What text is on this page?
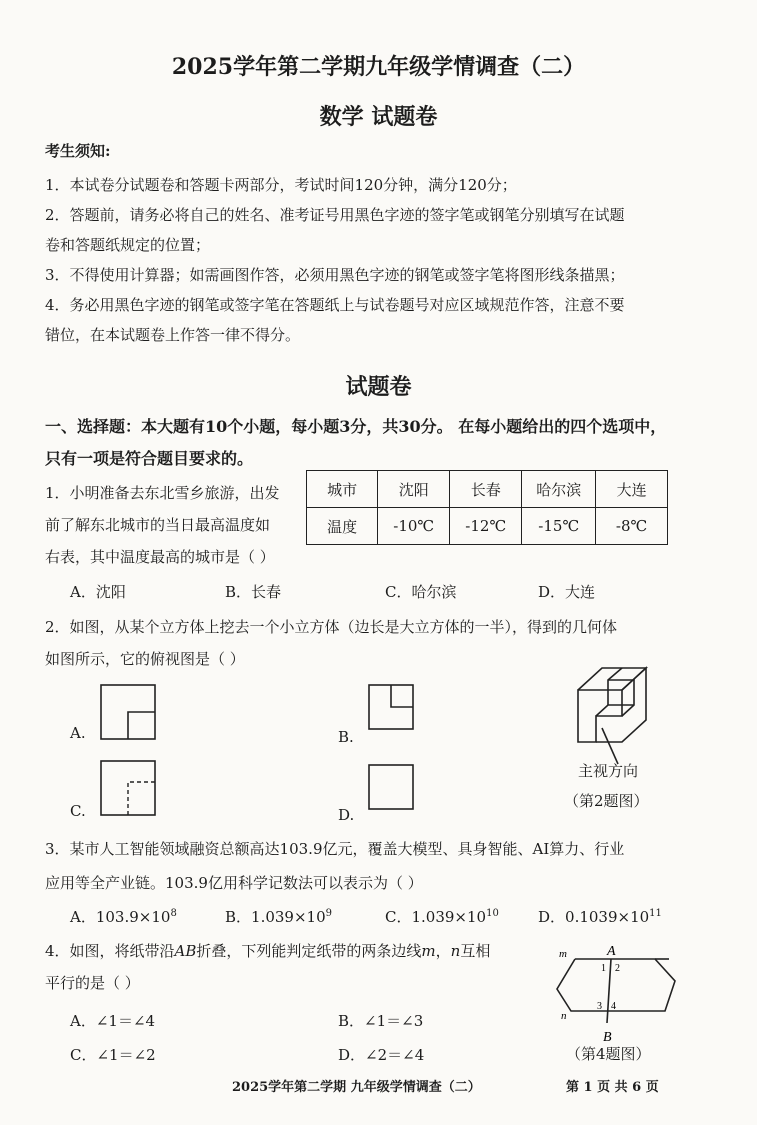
2025学年第二学期九年级学情调查（二）
数学 试题卷
考生须知:
1．本试卷分试题卷和答题卡两部分，考试时间120分钟，满分120分；
2．答题前，请务必将自己的姓名、准考证号用黑色字迹的签字笔或钢笔分别填写在试题
卷和答题纸规定的位置；
3．不得使用计算器；如需画图作答，必须用黑色字迹的钢笔或签字笔将图形线条描黑；
4．务必用黑色字迹的钢笔或签字笔在答题纸上与试卷题号对应区域规范作答，注意不要
错位，在本试题卷上作答一律不得分。
试题卷
一、选择题：本大题有10个小题，每小题3分，共30分。 在每小题给出的四个选项中，
只有一项是符合题目要求的。
1．小明准备去东北雪乡旅游，出发
前了解东北城市的当日最高温度如
右表，其中温度最高的城市是（ ）
城市	沈阳	长春	哈尔滨	大连
温度	-10℃	-12℃	-15℃	-8℃
A．沈阳	B．长春	C．哈尔滨	D．大连
2．如图，从某个立方体上挖去一个小立方体（边长是大立方体的一半），得到的几何体
如图所示，它的俯视图是（ ）
A.	B.
C.	D.
主视方向
（第2题图）
3．某市人工智能领域融资总额高达103.9亿元，覆盖大模型、具身智能、AI算力、行业
应用等全产业链。103.9亿用科学记数法可以表示为（ ）
A．$103.9\times 10^8$	B．$1.039\times 10^9$	C．$1.039\times 10^{10}$	D．$0.1039\times 10^{11}$
4．如图，将纸带沿AB折叠，下列能判定纸带的两条边线m，n互相
平行的是（ ）
A．∠1＝∠4	B．∠1＝∠3
C．∠1＝∠2	D．∠2＝∠4
m
n
A
B
1 2
3 4
（第4题图）
2025学年第二学期 九年级学情调查（二）	第 1 页 共 6 页
